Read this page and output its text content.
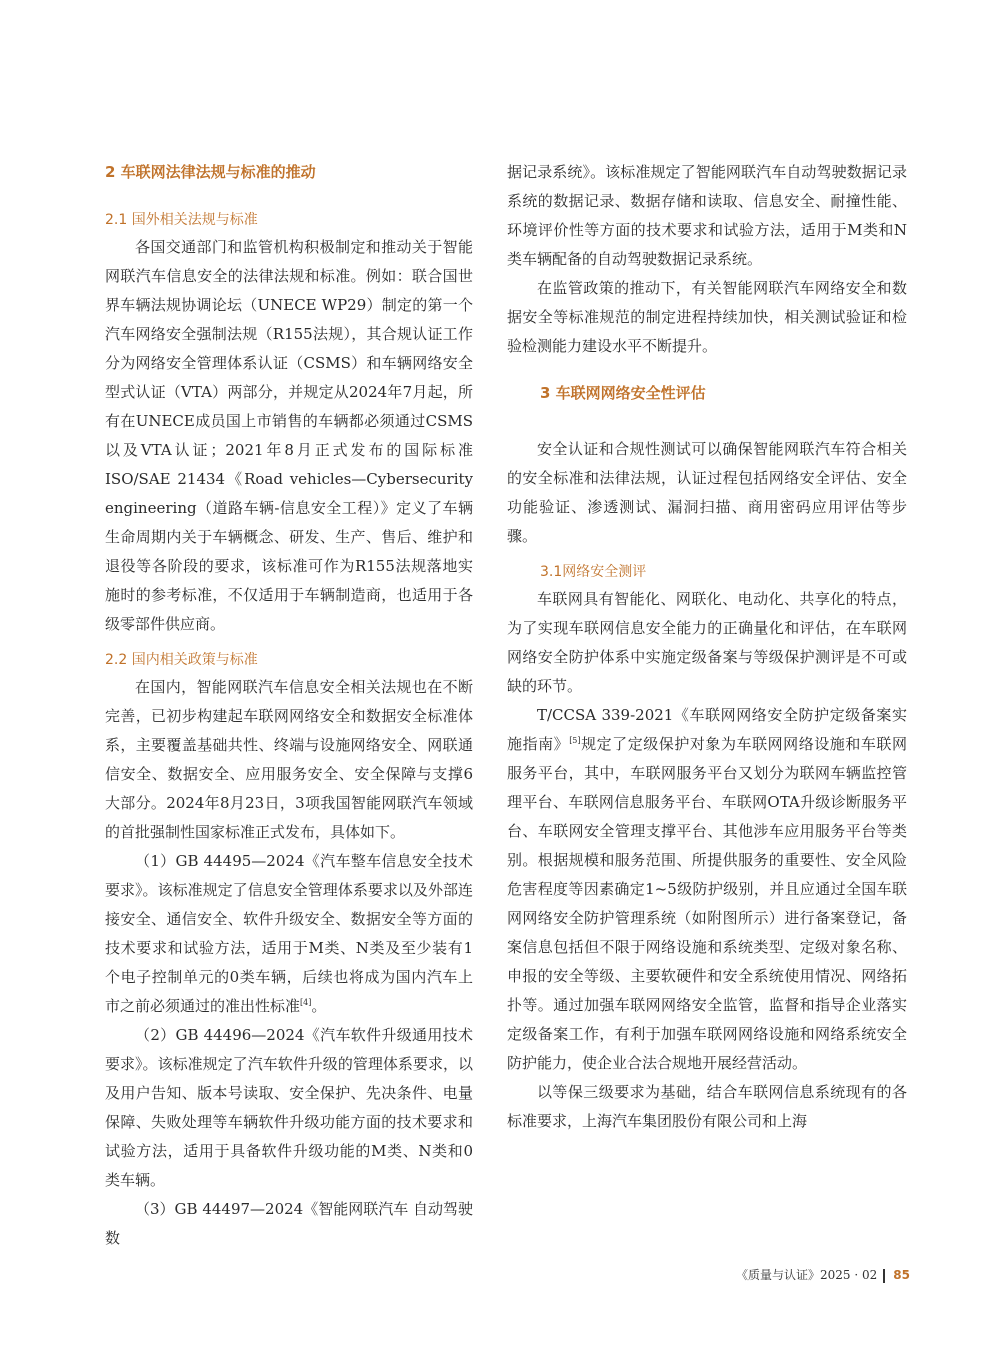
2 车联网法律法规与标准的推动

2.1 国外相关法规与标准

各国交通部门和监管机构积极制定和推动关于智能网联汽车信息安全的法律法规和标准。例如：联合国世界车辆法规协调论坛（UNECE WP29）制定的第一个汽车网络安全强制法规（R155法规），其合规认证工作分为网络安全管理体系认证（CSMS）和车辆网络安全型式认证（VTA）两部分，并规定从2024年7月起，所有在UNECE成员国上市销售的车辆都必须通过CSMS以及VTA认证；2021年8月正式发布的国际标准ISO/SAE 21434《Road vehicles—Cybersecurity engineering（道路车辆-信息安全工程）》定义了车辆生命周期内关于车辆概念、研发、生产、售后、维护和退役等各阶段的要求，该标准可作为R155法规落地实施时的参考标准，不仅适用于车辆制造商，也适用于各级零部件供应商。

2.2 国内相关政策与标准

在国内，智能网联汽车信息安全相关法规也在不断完善，已初步构建起车联网网络安全和数据安全标准体系，主要覆盖基础共性、终端与设施网络安全、网联通信安全、数据安全、应用服务安全、安全保障与支撑6大部分。2024年8月23日，3项我国智能网联汽车领域的首批强制性国家标准正式发布，具体如下。

（1）GB 44495—2024《汽车整车信息安全技术要求》。该标准规定了信息安全管理体系要求以及外部连接安全、通信安全、软件升级安全、数据安全等方面的技术要求和试验方法，适用于M类、N类及至少装有1个电子控制单元的0类车辆，后续也将成为国内汽车上市之前必须通过的准出性标准[4]。

（2）GB 44496—2024《汽车软件升级通用技术要求》。该标准规定了汽车软件升级的管理体系要求，以及用户告知、版本号读取、安全保护、先决条件、电量保障、失败处理等车辆软件升级功能方面的技术要求和试验方法，适用于具备软件升级功能的M类、N类和0类车辆。

（3）GB 44497—2024《智能网联汽车 自动驾驶数

据记录系统》。该标准规定了智能网联汽车自动驾驶数据记录系统的数据记录、数据存储和读取、信息安全、耐撞性能、环境评价性等方面的技术要求和试验方法，适用于M类和N类车辆配备的自动驾驶数据记录系统。

在监管政策的推动下，有关智能网联汽车网络安全和数据安全等标准规范的制定进程持续加快，相关测试验证和检验检测能力建设水平不断提升。

3 车联网网络安全性评估

安全认证和合规性测试可以确保智能网联汽车符合相关的安全标准和法律法规，认证过程包括网络安全评估、安全功能验证、渗透测试、漏洞扫描、商用密码应用评估等步骤。

3.1网络安全测评

车联网具有智能化、网联化、电动化、共享化的特点，为了实现车联网信息安全能力的正确量化和评估，在车联网网络安全防护体系中实施定级备案与等级保护测评是不可或缺的环节。

T/CCSA 339-2021《车联网网络安全防护定级备案实施指南》[5]规定了定级保护对象为车联网网络设施和车联网服务平台，其中，车联网服务平台又划分为联网车辆监控管理平台、车联网信息服务平台、车联网OTA升级诊断服务平台、车联网安全管理支撑平台、其他涉车应用服务平台等类别。根据规模和服务范围、所提供服务的重要性、安全风险危害程度等因素确定1~5级防护级别，并且应通过全国车联网网络安全防护管理系统（如附图所示）进行备案登记，备案信息包括但不限于网络设施和系统类型、定级对象名称、申报的安全等级、主要软硬件和安全系统使用情况、网络拓扑等。通过加强车联网网络安全监管，监督和指导企业落实定级备案工作，有利于加强车联网网络设施和网络系统安全防护能力，使企业合法合规地开展经营活动。

以等保三级要求为基础，结合车联网信息系统现有的各标准要求，上海汽车集团股份有限公司和上海

《质量与认证》2025 · 02 85
